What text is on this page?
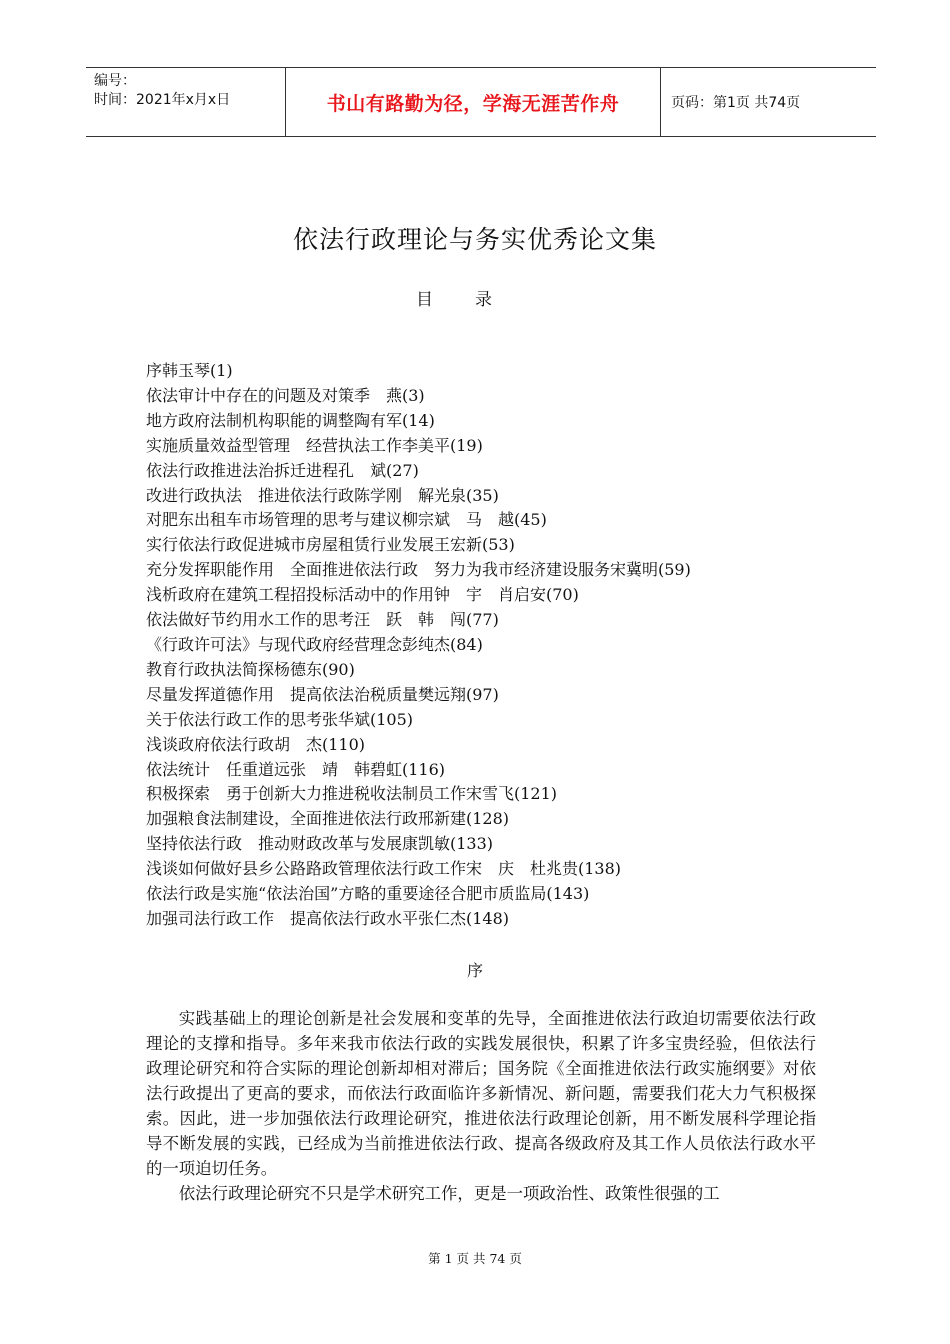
编号：
时间：2021年x月x日	书山有路勤为径，学海无涯苦作舟	页码：第1页 共74页
依法行政理论与务实优秀论文集
目录
序韩玉琴(1)
依法审计中存在的问题及对策季　燕(3)
地方政府法制机构职能的调整陶有军(14)
实施质量效益型管理　经营执法工作李美平(19)
依法行政推进法治拆迁进程孔　斌(27)
改进行政执法　推进依法行政陈学刚　解光泉(35)
对肥东出租车市场管理的思考与建议柳宗斌　马　越(45)
实行依法行政促进城市房屋租赁行业发展王宏新(53)
充分发挥职能作用　全面推进依法行政　努力为我市经济建设服务宋冀明(59)
浅析政府在建筑工程招投标活动中的作用钟　宇　肖启安(70)
依法做好节约用水工作的思考汪　跃　韩　闯(77)
《行政许可法》与现代政府经营理念彭纯杰(84)
教育行政执法简探杨德东(90)
尽量发挥道德作用　提高依法治税质量樊远翔(97)
关于依法行政工作的思考张华斌(105)
浅谈政府依法行政胡　杰(110)
依法统计　任重道远张　靖　韩碧虹(116)
积极探索　勇于创新大力推进税收法制员工作宋雪飞(121)
加强粮食法制建设，全面推进依法行政邢新建(128)
坚持依法行政　推动财政改革与发展康凯敏(133)
浅谈如何做好县乡公路路政管理依法行政工作宋　庆　杜兆贵(138)
依法行政是实施“依法治国”方略的重要途径合肥市质监局(143)
加强司法行政工作　提高依法行政水平张仁杰(148)
序

实践基础上的理论创新是社会发展和变革的先导，全面推进依法行政迫切需要依法行政理论的支撑和指导。多年来我市依法行政的实践发展很快，积累了许多宝贵经验，但依法行政理论研究和符合实际的理论创新却相对滞后；国务院《全面推进依法行政实施纲要》对依法行政提出了更高的要求，而依法行政面临许多新情况、新问题，需要我们花大力气积极探索。因此，进一步加强依法行政理论研究，推进依法行政理论创新，用不断发展科学理论指导不断发展的实践，已经成为当前推进依法行政、提高各级政府及其工作人员依法行政水平的一项迫切任务。

依法行政理论研究不只是学术研究工作，更是一项政治性、政策性很强的工

第 1 页 共 74 页
